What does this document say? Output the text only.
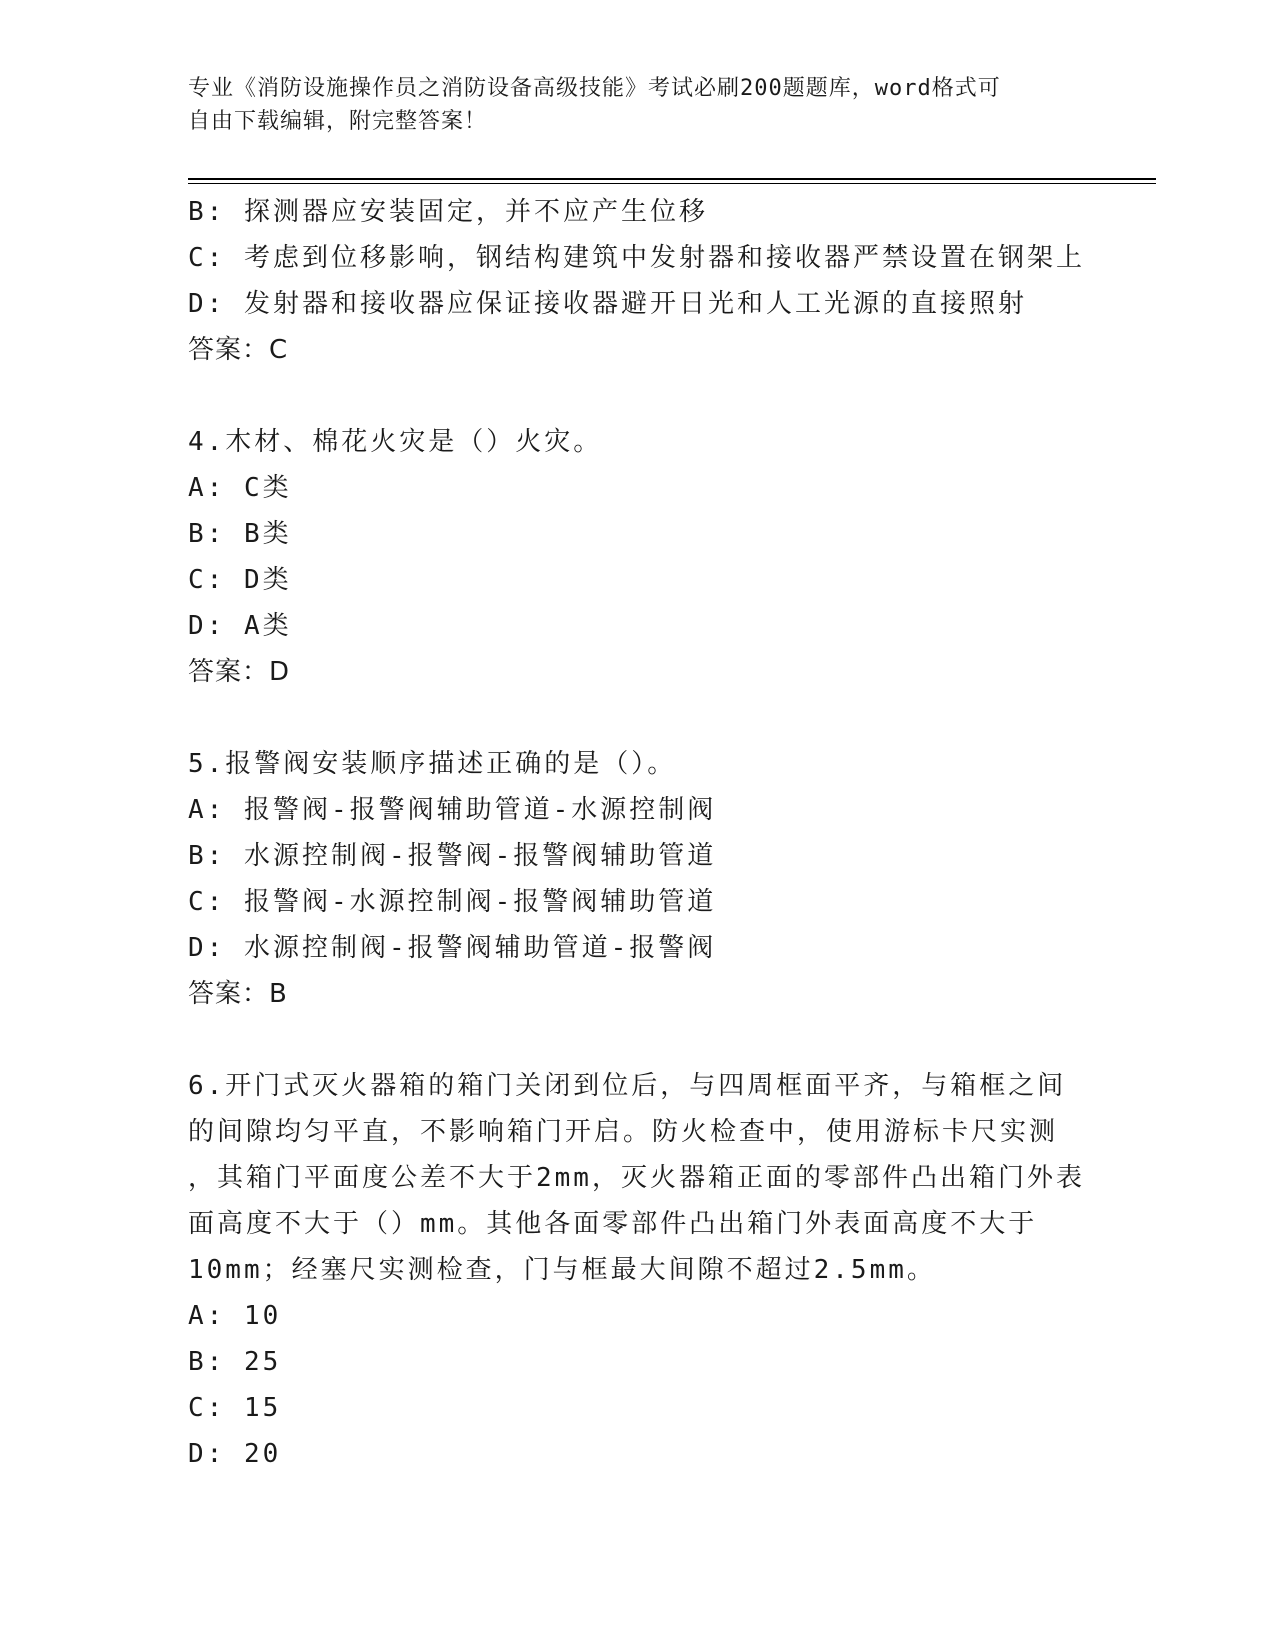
专业《消防设施操作员之消防设备高级技能》考试必刷200题题库，word格式可
自由下载编辑，附完整答案！
B: 探测器应安装固定，并不应产生位移
C: 考虑到位移影响，钢结构建筑中发射器和接收器严禁设置在钢架上
D: 发射器和接收器应保证接收器避开日光和人工光源的直接照射
答案：C
4.木材、棉花火灾是（）火灾。
A: C类
B: B类
C: D类
D: A类
答案：D
5.报警阀安装顺序描述正确的是（）。
A: 报警阀-报警阀辅助管道-水源控制阀
B: 水源控制阀-报警阀-报警阀辅助管道
C: 报警阀-水源控制阀-报警阀辅助管道
D: 水源控制阀-报警阀辅助管道-报警阀
答案：B
6.开门式灭火器箱的箱门关闭到位后，与四周框面平齐，与箱框之间
的间隙均匀平直，不影响箱门开启。防火检查中，使用游标卡尺实测
，其箱门平面度公差不大于2mm，灭火器箱正面的零部件凸出箱门外表
面高度不大于（）mm。其他各面零部件凸出箱门外表面高度不大于
10mm；经塞尺实测检查，门与框最大间隙不超过2.5mm。
A: 10
B: 25
C: 15
D: 20
